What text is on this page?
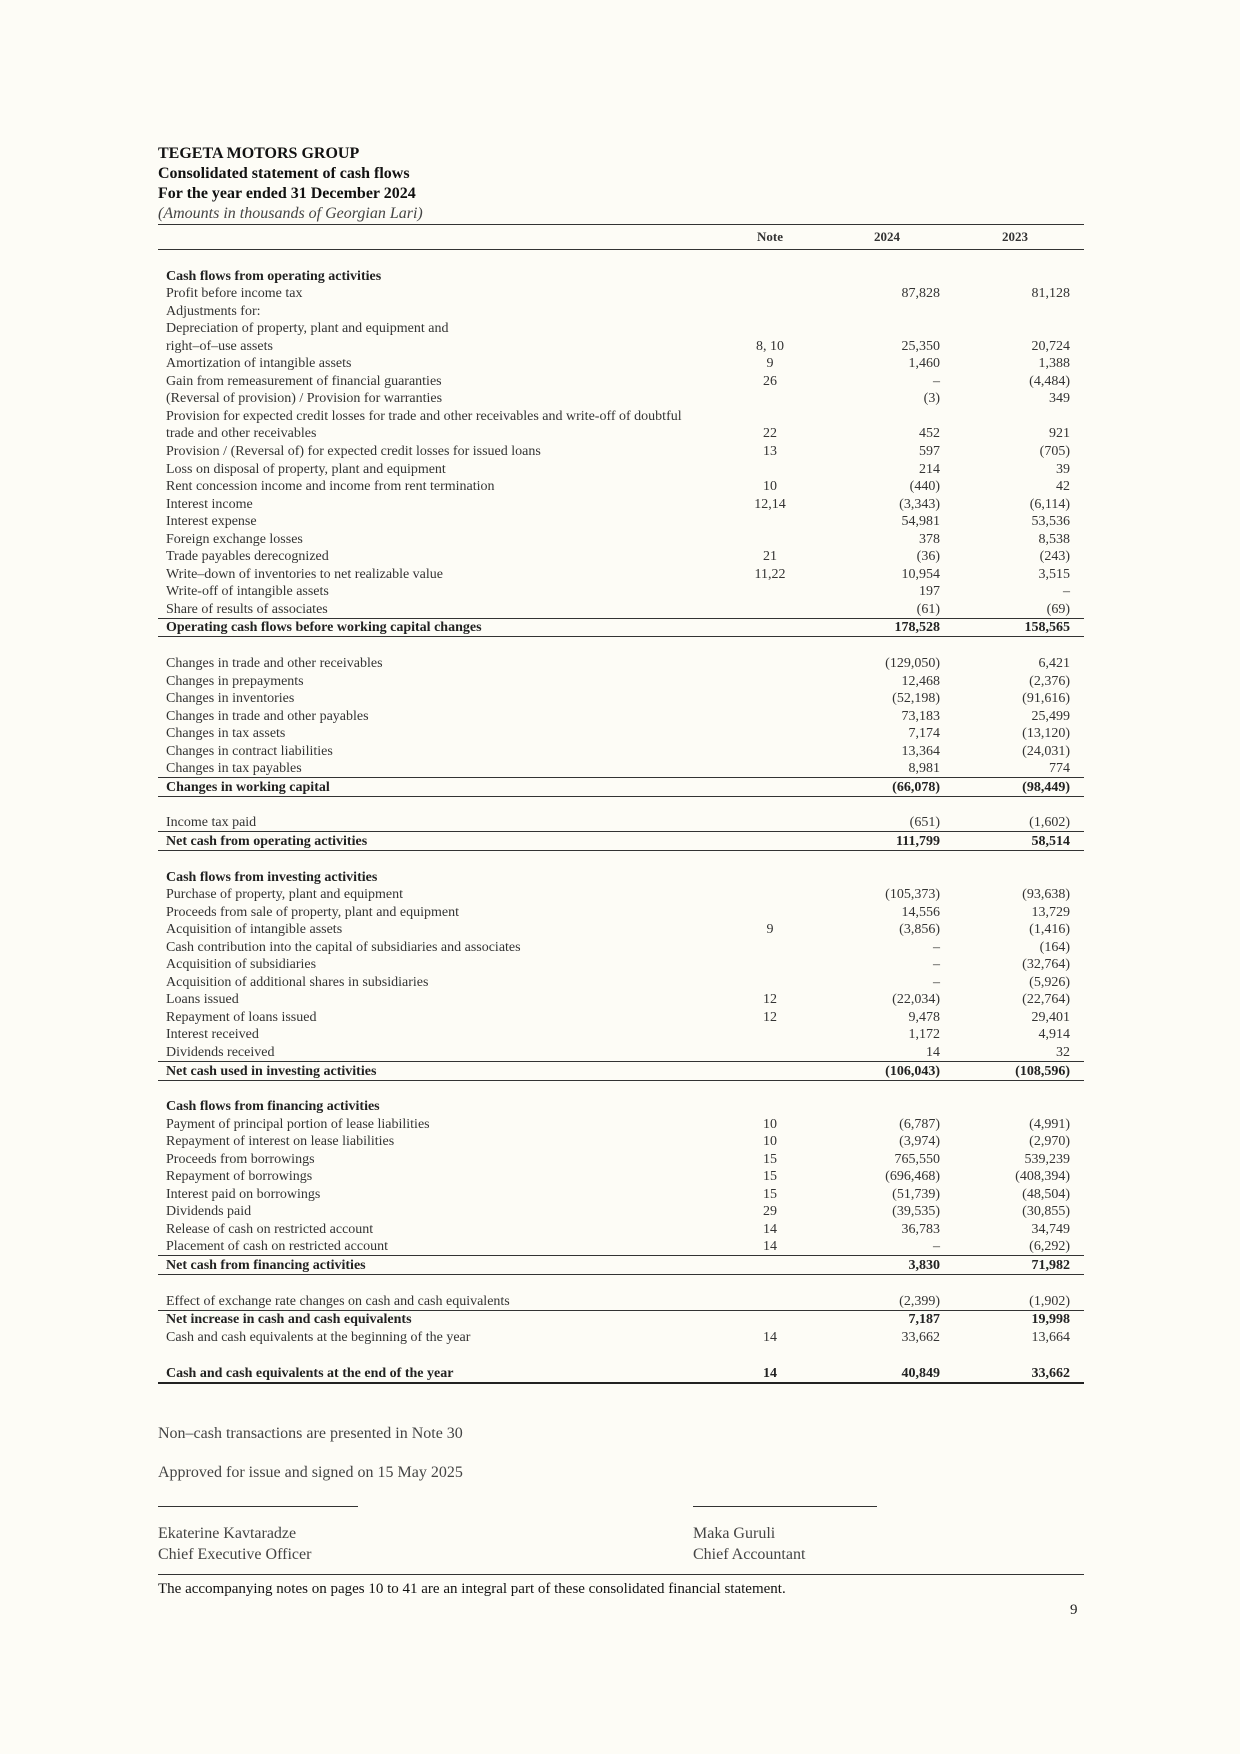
TEGETA MOTORS GROUP
Consolidated statement of cash flows
For the year ended 31 December 2024
(Amounts in thousands of Georgian Lari)
	Note	2024	2023

Cash flows from operating activities			
Profit before income tax		87,828	81,128
Adjustments for:			
Depreciation of property, plant and equipment and			
right–of–use assets	8, 10	25,350	20,724
Amortization of intangible assets	9	1,460	1,388
Gain from remeasurement of financial guaranties	26	–	(4,484)
(Reversal of provision) / Provision for warranties		(3)	349
Provision for expected credit losses for trade and other receivables and write-off of doubtful			
trade and other receivables	22	452	921
Provision / (Reversal of) for expected credit losses for issued loans	13	597	(705)
Loss on disposal of property, plant and equipment		214	39
Rent concession income and income from rent termination	10	(440)	42
Interest income	12,14	(3,343)	(6,114)
Interest expense		54,981	53,536
Foreign exchange losses		378	8,538
Trade payables derecognized	21	(36)	(243)
Write–down of inventories to net realizable value	11,22	10,954	3,515
Write-off of intangible assets		197	–
Share of results of associates		(61)	(69)
Operating cash flows before working capital changes		178,528	158,565

Changes in trade and other receivables		(129,050)	6,421
Changes in prepayments		12,468	(2,376)
Changes in inventories		(52,198)	(91,616)
Changes in trade and other payables		73,183	25,499
Changes in tax assets		7,174	(13,120)
Changes in contract liabilities		13,364	(24,031)
Changes in tax payables		8,981	774
Changes in working capital		(66,078)	(98,449)

Income tax paid		(651)	(1,602)
Net cash from operating activities		111,799	58,514

Cash flows from investing activities			
Purchase of property, plant and equipment		(105,373)	(93,638)
Proceeds from sale of property, plant and equipment		14,556	13,729
Acquisition of intangible assets	9	(3,856)	(1,416)
Cash contribution into the capital of subsidiaries and associates		–	(164)
Acquisition of subsidiaries		–	(32,764)
Acquisition of additional shares in subsidiaries		–	(5,926)
Loans issued	12	(22,034)	(22,764)
Repayment of loans issued	12	9,478	29,401
Interest received		1,172	4,914
Dividends received		14	32
Net cash used in investing activities		(106,043)	(108,596)

Cash flows from financing activities			
Payment of principal portion of lease liabilities	10	(6,787)	(4,991)
Repayment of interest on lease liabilities	10	(3,974)	(2,970)
Proceeds from borrowings	15	765,550	539,239
Repayment of borrowings	15	(696,468)	(408,394)
Interest paid on borrowings	15	(51,739)	(48,504)
Dividends paid	29	(39,535)	(30,855)
Release of cash on restricted account	14	36,783	34,749
Placement of cash on restricted account	14	–	(6,292)
Net cash from financing activities		3,830	71,982

Effect of exchange rate changes on cash and cash equivalents		(2,399)	(1,902)
Net increase in cash and cash equivalents		7,187	19,998
Cash and cash equivalents at the beginning of the year	14	33,662	13,664

Cash and cash equivalents at the end of the year	14	40,849	33,662
Non–cash transactions are presented in Note 30
Approved for issue and signed on 15 May 2025
Ekaterine Kavtaradze
Chief Executive Officer
Maka Guruli
Chief Accountant
The accompanying notes on pages 10 to 41 are an integral part of these consolidated financial statement.
9
